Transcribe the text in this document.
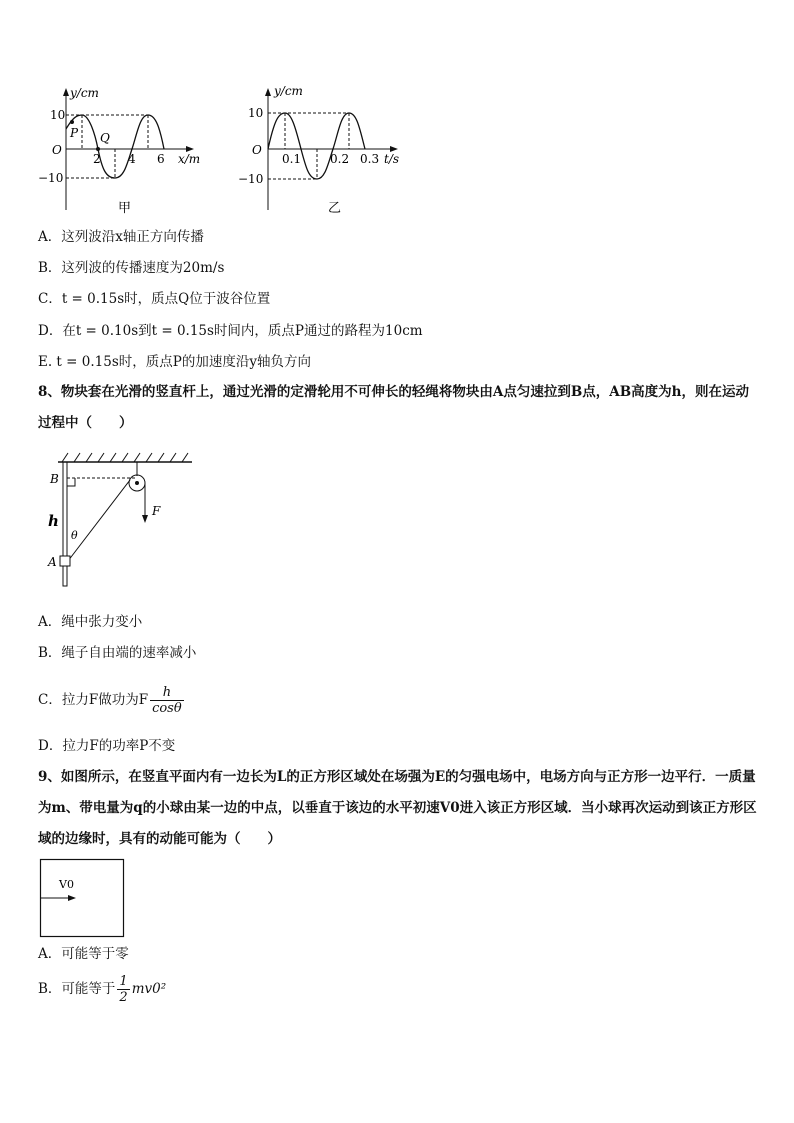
y/cm
10
−10
O
P Q
2 4 6 x/m
甲
y/cm
10
−10
O
0.1 0.2 0.3 t/s
乙
A．这列波沿x轴正方向传播
B．这列波的传播速度为20m/s
C．t = 0.15s时，质点Q位于波谷位置
D．在t = 0.10s到t = 0.15s时间内，质点P通过的路程为10cm
E. t = 0.15s时，质点P的加速度沿y轴负方向
8、物块套在光滑的竖直杆上，通过光滑的定滑轮用不可伸长的轻绳将物块由A点匀速拉到B点，AB高度为h，则在运动过程中（　　）
B
h
θ
A
F
A．绳中张力变小
B．绳子自由端的速率减小
C．拉力F做功为F $\frac{h}{\cos\theta}$
D．拉力F的功率P不变
9、如图所示，在竖直平面内有一边长为L的正方形区域处在场强为E的匀强电场中，电场方向与正方形一边平行．一质量为m、带电量为q的小球由某一边的中点，以垂直于该边的水平初速V0进入该正方形区域．当小球再次运动到该正方形区域的边缘时，具有的动能可能为（　　）
V0
A．可能等于零
B．可能等于 $\frac{1}{2} mv0^2$
